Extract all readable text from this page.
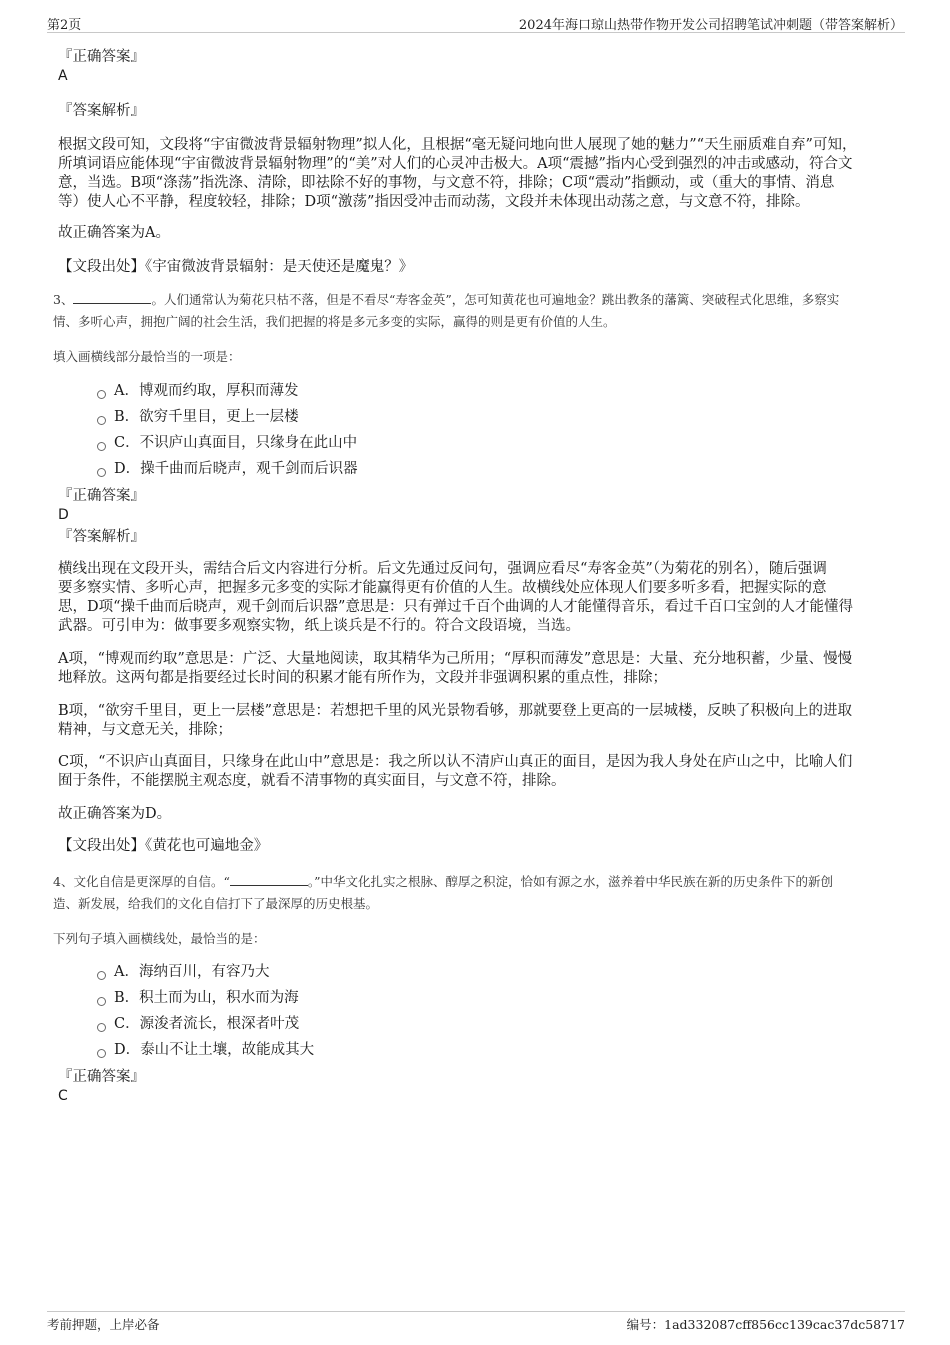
第2页	2024年海口琼山热带作物开发公司招聘笔试冲刺题（带答案解析）
『正确答案』
A
『答案解析』
根据文段可知，文段将“宇宙微波背景辐射物理”拟人化，且根据“毫无疑问地向世人展现了她的魅力”“天生丽质难自弃”可知，
所填词语应能体现“宇宙微波背景辐射物理”的“美”对人们的心灵冲击极大。A项“震撼”指内心受到强烈的冲击或感动，符合文
意，当选。B项“涤荡”指洗涤、清除，即祛除不好的事物，与文意不符，排除；C项“震动”指颤动，或（重大的事情、消息
等）使人心不平静，程度较轻，排除；D项“激荡”指因受冲击而动荡，文段并未体现出动荡之意，与文意不符，排除。
故正确答案为A。
【文段出处】《宇宙微波背景辐射：是天使还是魔鬼？》
3、	。人们通常认为菊花只枯不落，但是不看尽“寿客金英”，怎可知黄花也可遍地金？跳出教条的藩篱、突破程式化思维，多察实
情、多听心声，拥抱广阔的社会生活，我们把握的将是多元多变的实际，赢得的则是更有价值的人生。
填入画横线部分最恰当的一项是：
A．博观而约取，厚积而薄发
B．欲穷千里目，更上一层楼
C．不识庐山真面目，只缘身在此山中
D．操千曲而后晓声，观千剑而后识器
『正确答案』
D
『答案解析』
横线出现在文段开头，需结合后文内容进行分析。后文先通过反问句，强调应看尽“寿客金英”（为菊花的别名），随后强调
要多察实情、多听心声，把握多元多变的实际才能赢得更有价值的人生。故横线处应体现人们要多听多看，把握实际的意
思，D项“操千曲而后晓声，观千剑而后识器”意思是：只有弹过千百个曲调的人才能懂得音乐，看过千百口宝剑的人才能懂得
武器。可引申为：做事要多观察实物，纸上谈兵是不行的。符合文段语境，当选。
A项，“博观而约取”意思是：广泛、大量地阅读，取其精华为己所用；“厚积而薄发”意思是：大量、充分地积蓄，少量、慢慢
地释放。这两句都是指要经过长时间的积累才能有所作为，文段并非强调积累的重点性，排除；
B项，“欲穷千里目，更上一层楼”意思是：若想把千里的风光景物看够，那就要登上更高的一层城楼，反映了积极向上的进取
精神，与文意无关，排除；
C项，“不识庐山真面目，只缘身在此山中”意思是：我之所以认不清庐山真正的面目，是因为我人身处在庐山之中，比喻人们
囿于条件，不能摆脱主观态度，就看不清事物的真实面目，与文意不符，排除。
故正确答案为D。
【文段出处】《黄花也可遍地金》
4、文化自信是更深厚的自信。“	。”中华文化扎实之根脉、醇厚之积淀，恰如有源之水，滋养着中华民族在新的历史条件下的新创
造、新发展，给我们的文化自信打下了最深厚的历史根基。
下列句子填入画横线处，最恰当的是：
A．海纳百川，有容乃大
B．积土而为山，积水而为海
C．源浚者流长，根深者叶茂
D．泰山不让土壤，故能成其大
『正确答案』
C
考前押题，上岸必备	编号：1ad332087cff856cc139cac37dc58717
